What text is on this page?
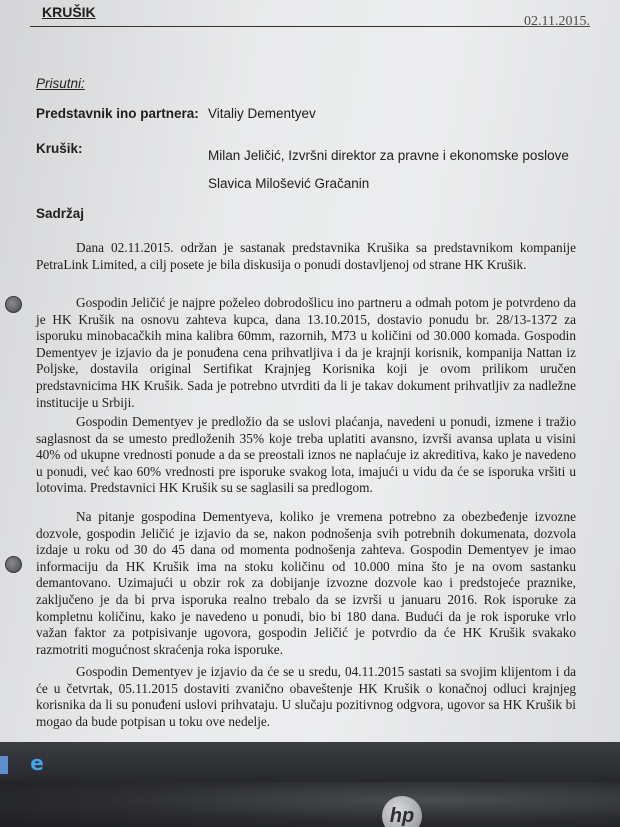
KRUŠIK
02.11.2015.
Prisutni:
Predstavnik ino partnera: Vitaliy Dementyev
Krušik:	Milan Jeličić, Izvršni direktor za pravne i ekonomske poslove
Slavica Milošević Gračanin
Sadržaj

Dana 02.11.2015. održan je sastanak predstavnika Krušika sa predstavnikom kompanije PetraLink Limited, a cilj posete je bila diskusija o ponudi dostavljenoj od strane HK Krušik.

Gospodin Jeličić je najpre poželeo dobrodošlicu ino partneru a odmah potom je potvrdeno da je HK Krušik na osnovu zahteva kupca, dana 13.10.2015, dostavio ponudu br. 28/13-1372 za isporuku minobacačkih mina kalibra 60mm, razornih, M73 u količini od 30.000 komada. Gospodin Dementyev je izjavio da je ponuđena cena prihvatljiva i da je krajnji korisnik, kompanija Nattan iz Poljske, dostavila original Sertifikat Krajnjeg Korisnika koji je ovom prilikom uručen predstavnicima HK Krušik. Sada je potrebno utvrditi da li je takav dokument prihvatljiv za nadležne institucije u Srbiji.

Gospodin Dementyev je predložio da se uslovi plaćanja, navedeni u ponudi, izmene i tražio saglasnost da se umesto predloženih 35% koje treba uplatiti avansno, izvrši avansa uplata u visini 40% od ukupne vrednosti ponude a da se preostali iznos ne naplaćuje iz akreditiva, kako je navedeno u ponudi, već kao 60% vrednosti pre isporuke svakog lota, imajući u vidu da će se isporuka vršiti u lotovima. Predstavnici HK Krušik su se saglasili sa predlogom.

Na pitanje gospodina Dementyeva, koliko je vremena potrebno za obezbeđenje izvozne dozvole, gospodin Jeličić je izjavio da se, nakon podnošenja svih potrebnih dokumenata, dozvola izdaje u roku od 30 do 45 dana od momenta podnošenja zahteva. Gospodin Dementyev je imao informaciju da HK Krušik ima na stoku količinu od 10.000 mina što je na ovom sastanku demantovano. Uzimajući u obzir rok za dobijanje izvozne dozvole kao i predstojeće praznike, zaključeno je da bi prva isporuka realno trebalo da se izvrši u januaru 2016. Rok isporuke za kompletnu količinu, kako je navedeno u ponudi, bio bi 180 dana. Budući da je rok isporuke vrlo važan faktor za potpisivanje ugovora, gospodin Jeličić je potvrdio da će HK Krušik svakako razmotriti mogućnost skraćenja roka isporuke.

Gospodin Dementyev je izjavio da će se u sredu, 04.11.2015 sastati sa svojim klijentom i da će u četvrtak, 05.11.2015 dostaviti zvanično obaveštenje HK Krušik o konačnoj odluci krajnjeg korisnika da li su ponuđeni uslovi prihvataju. U slučaju pozitivnog odgvora, ugovor sa HK Krušik bi mogao da bude potpisan u toku ove nedelje.

e
hp
